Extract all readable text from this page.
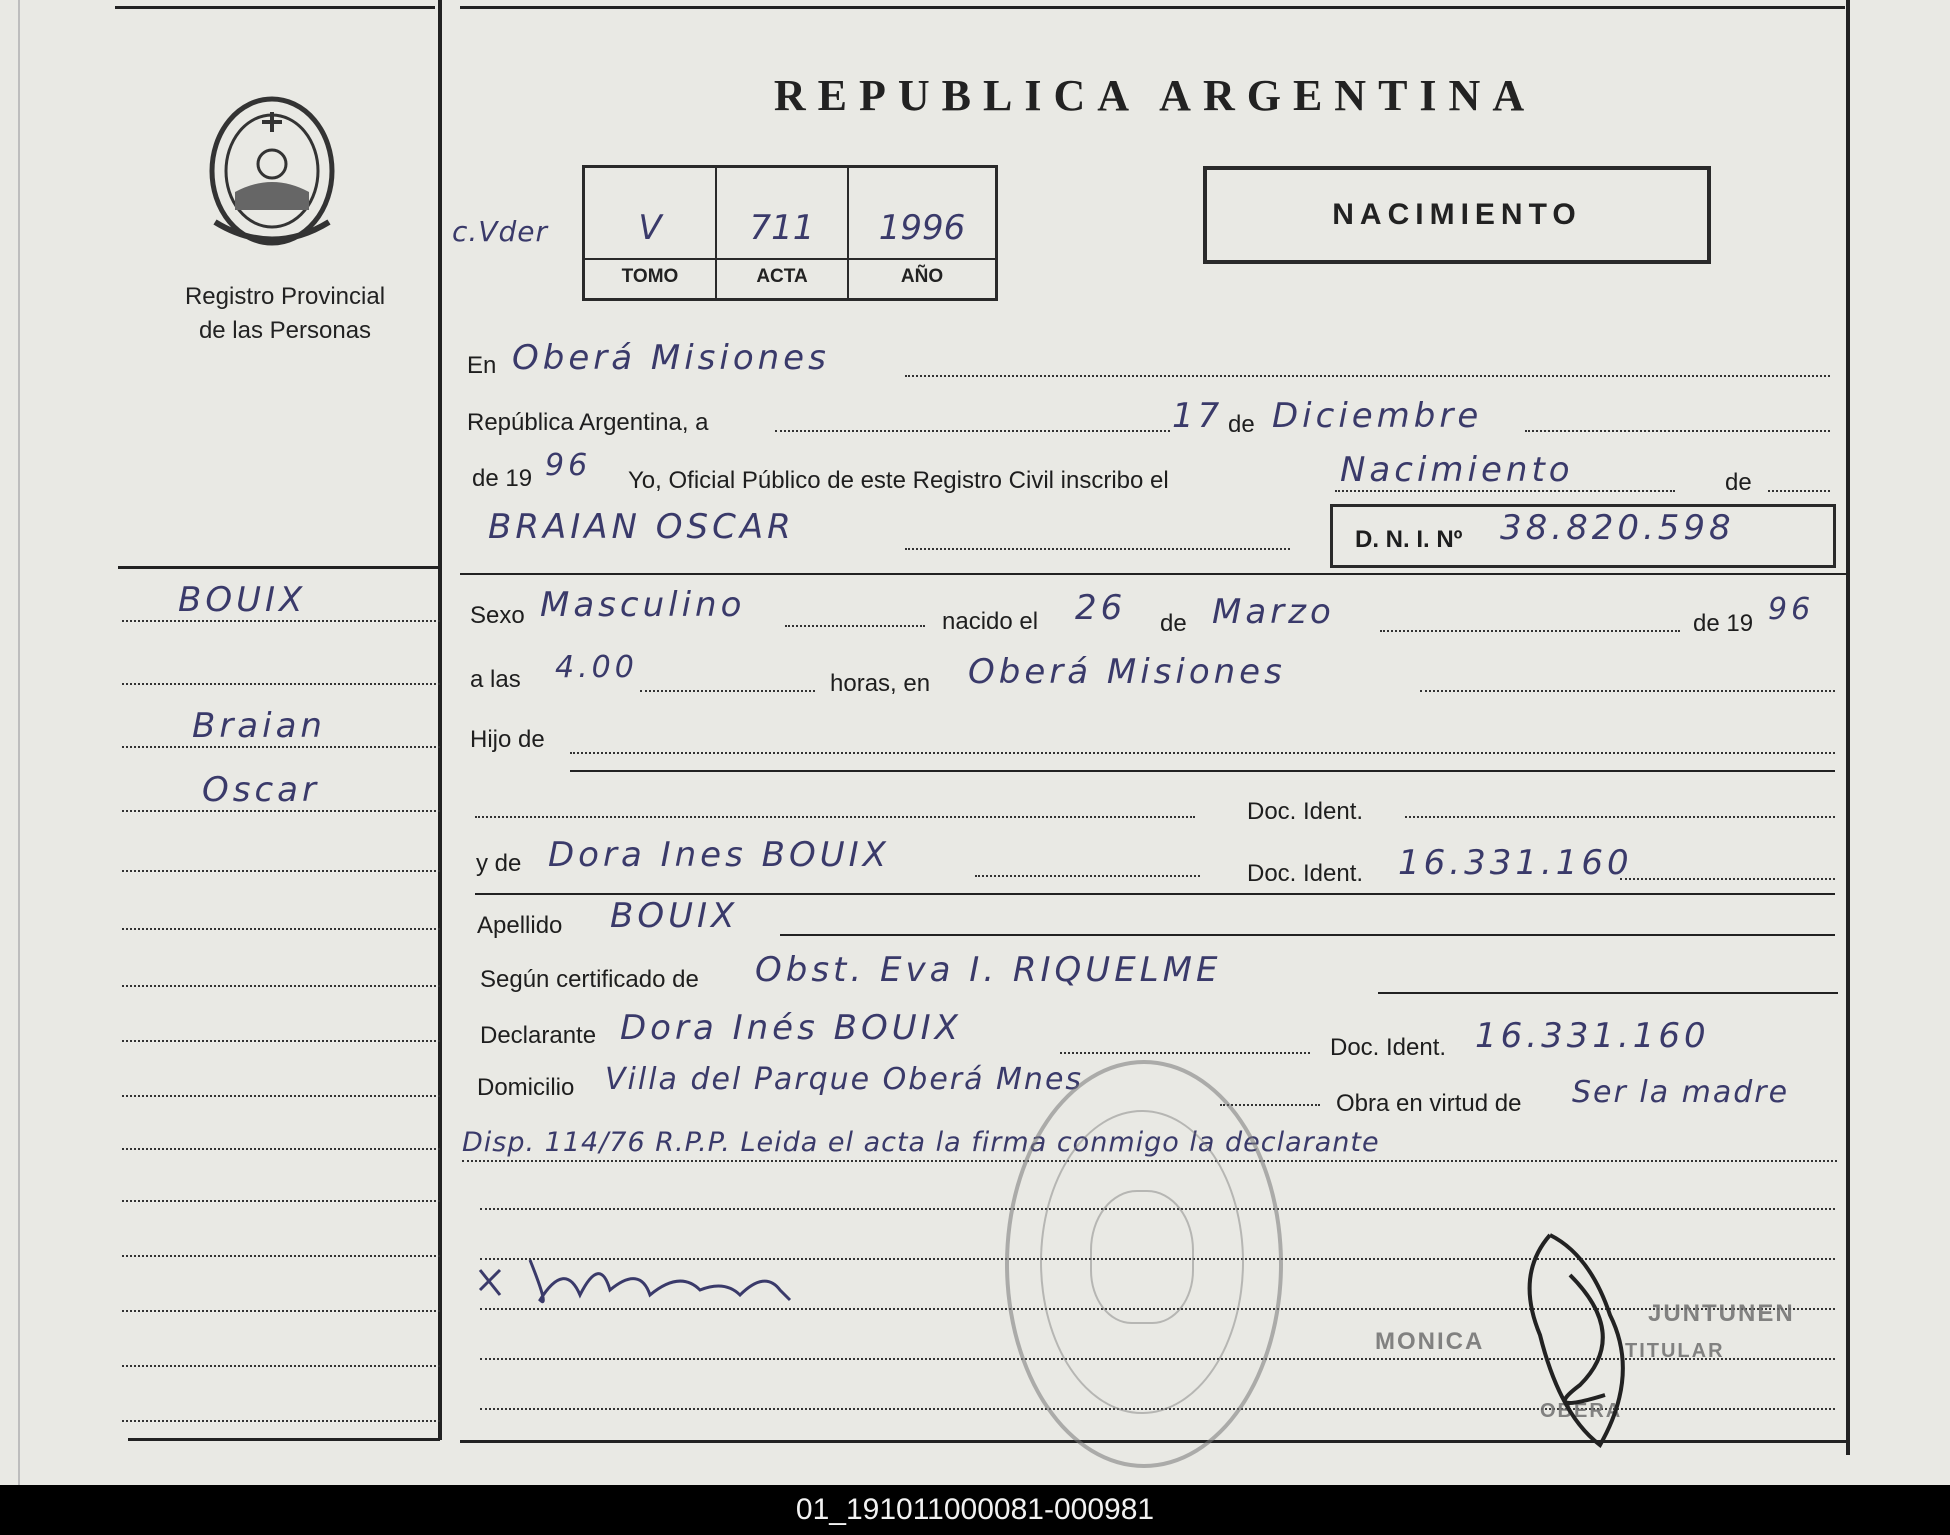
Registro Provincial
de las Personas
REPUBLICA ARGENTINA
NACIMIENTO
c.Vder	V	711	1996
TOMO	ACTA	AÑO
En Oberá Misiones
República Argentina, a	17 de Diciembre
de 19 96 Yo, Oficial Público de este Registro Civil inscribo el	Nacimiento	de
BRAIAN OSCAR	D. N. I. Nº 38.820.598
BOUIX
Braian
Oscar
Sexo Masculino	nacido el 26 de Marzo	de 19 96
a las 4.00	horas, en Oberá Misiones
Hijo de
Doc. Ident.
y de Dora Ines BOUIX	Doc. Ident. 16.331.160
Apellido BOUIX
Según certificado de Obst. Eva I. RIQUELME
Declarante Dora Inés BOUIX	Doc. Ident. 16.331.160
Domicilio Villa del Parque Oberá Mnes
Obra en virtud de Ser la madre
Disp. 114/76 R.P.P. Leida el acta la firma conmigo la declarante
MONICA
JUNTUNEN
TITULAR
OBERA
01_191011000081-000981
